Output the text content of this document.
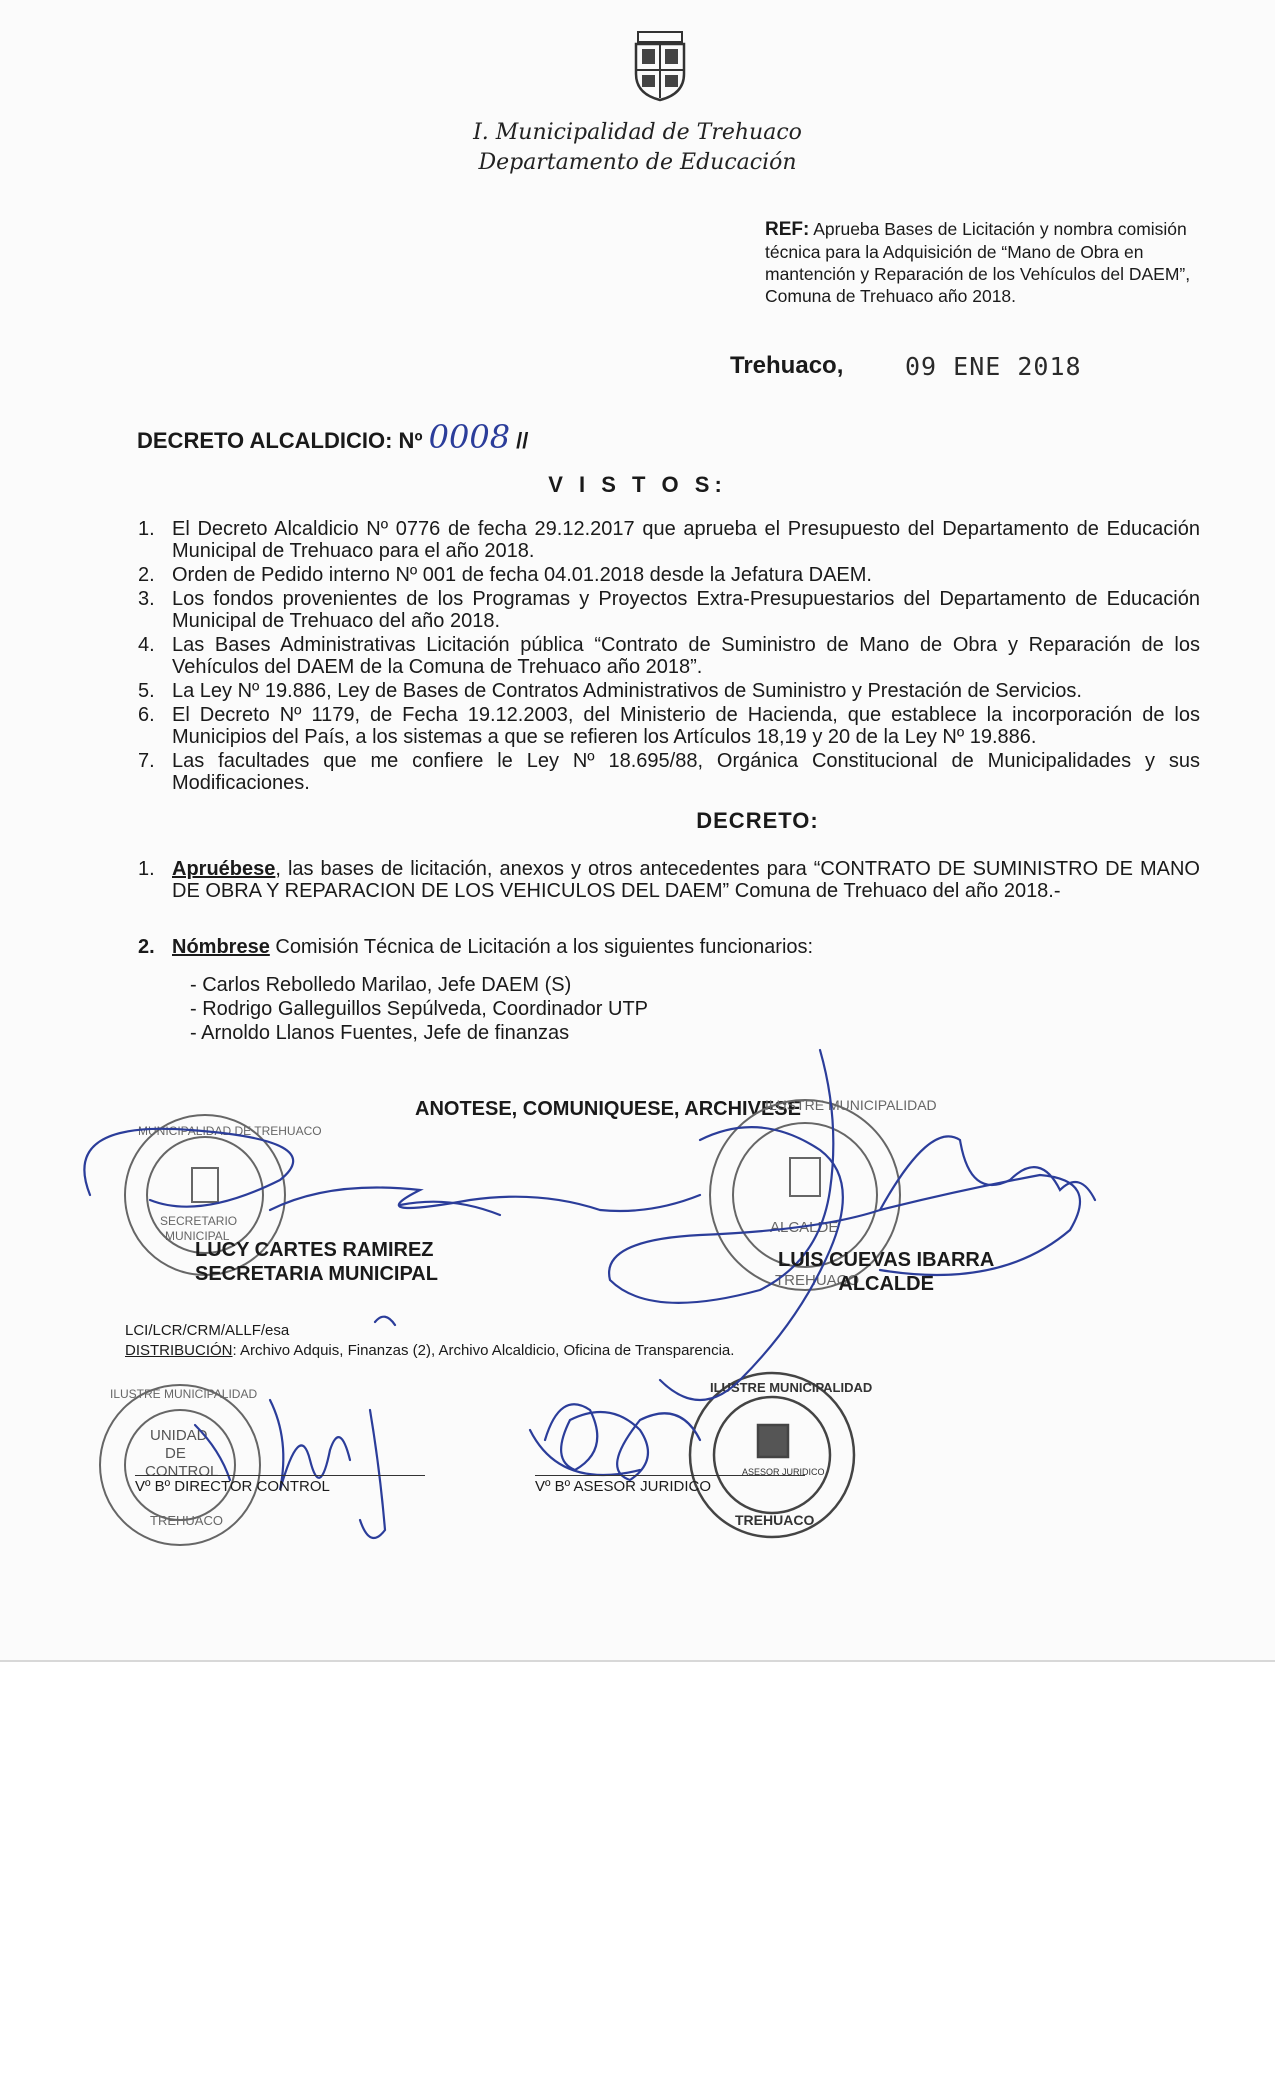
I. Municipalidad de Trehuaco
Departamento de Educación
REF: Aprueba Bases de Licitación y nombra comisión técnica para la Adquisición de “Mano de Obra en mantención y Reparación de los Vehículos del DAEM”, Comuna de Trehuaco año 2018.
Trehuaco, 09 ENE 2018
DECRETO ALCALDICIO: Nº 0008 //
V I S T O S:
1. El Decreto Alcaldicio Nº 0776 de fecha 29.12.2017 que aprueba el Presupuesto del Departamento de Educación Municipal de Trehuaco para el año 2018.
2. Orden de Pedido interno Nº 001 de fecha 04.01.2018 desde la Jefatura DAEM.
3. Los fondos provenientes de los Programas y Proyectos Extra-Presupuestarios del Departamento de Educación Municipal de Trehuaco del año 2018.
4. Las Bases Administrativas Licitación pública “Contrato de Suministro de Mano de Obra y Reparación de los Vehículos del DAEM de la Comuna de Trehuaco año 2018”.
5. La Ley Nº 19.886, Ley de Bases de Contratos Administrativos de Suministro y Prestación de Servicios.
6. El Decreto Nº 1179, de Fecha 19.12.2003, del Ministerio de Hacienda, que establece la incorporación de los Municipios del País, a los sistemas a que se refieren los Artículos 18,19 y 20 de la Ley Nº 19.886.
7. Las facultades que me confiere le Ley Nº 18.695/88, Orgánica Constitucional de Municipalidades y sus Modificaciones.
DECRETO:
1. Apruébese, las bases de licitación, anexos y otros antecedentes para “CONTRATO DE SUMINISTRO DE MANO DE OBRA Y REPARACION DE LOS VEHICULOS DEL DAEM” Comuna de Trehuaco del año 2018.-
2. Nómbrese Comisión Técnica de Licitación a los siguientes funcionarios:
- Carlos Rebolledo Marilao, Jefe DAEM (S)
- Rodrigo Galleguillos Sepúlveda, Coordinador UTP
- Arnoldo Llanos Fuentes, Jefe de finanzas
ANOTESE, COMUNIQUESE, ARCHIVESE
SECRETARIO
MUNICIPAL
MUNICIPALIDAD DE TREHUACO
ILUSTRE MUNICIPALIDAD
ALCALDE
TREHUACO
ILUSTRE MUNICIPALIDAD
UNIDAD
DE
CONTROL
TREHUACO
ILUSTRE MUNICIPALIDAD
ASESOR JURIDICO
TREHUACO
LUCY CARTES RAMIREZ
SECRETARIA MUNICIPAL
LUIS CUEVAS IBARRA
ALCALDE
LCI/LCR/CRM/ALLF/esa
DISTRIBUCIÓN: Archivo Adquis, Finanzas (2), Archivo Alcaldicio, Oficina de Transparencia.
Vº Bº DIRECTOR CONTROL	Vº Bº ASESOR JURIDICO
